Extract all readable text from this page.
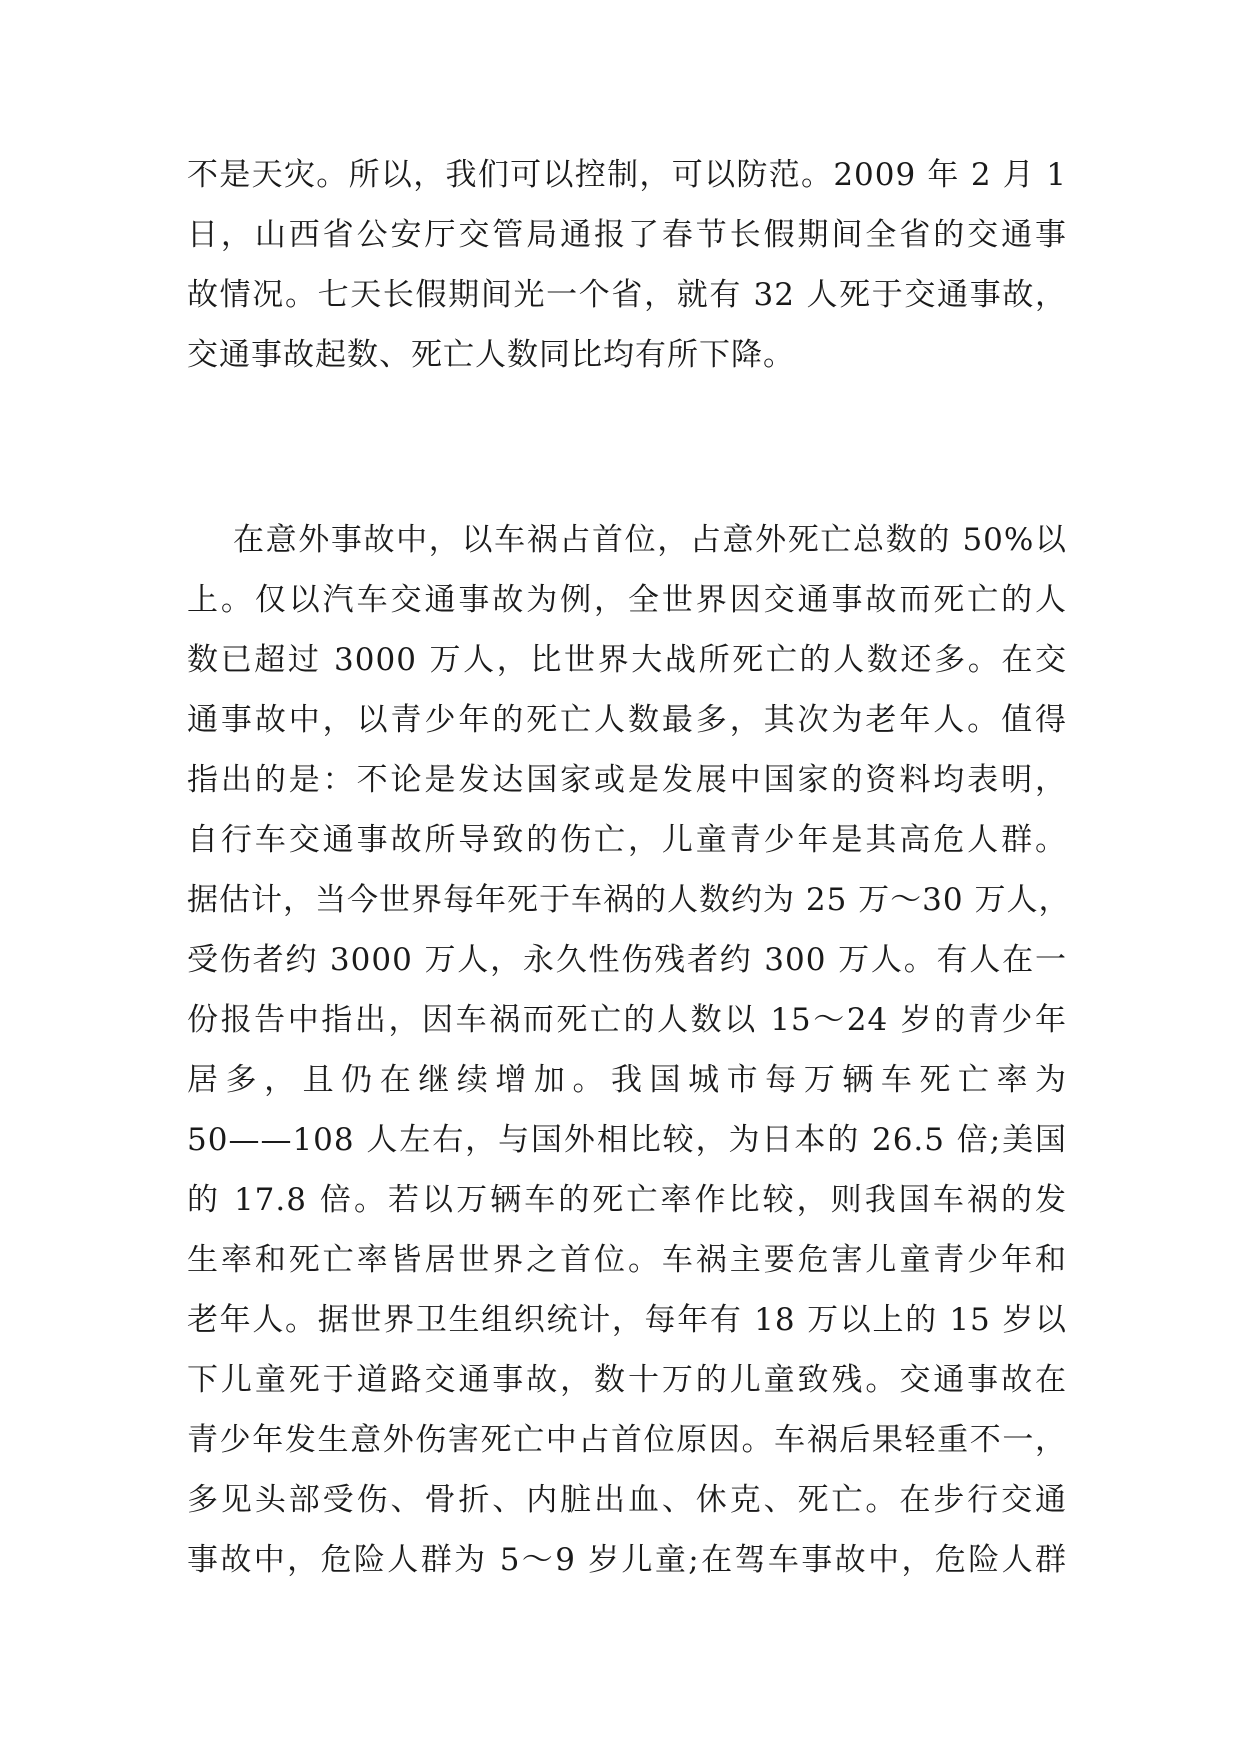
不是天灾。所以，我们可以控制，可以防范。2009 年 2 月 1
日，山西省公安厅交管局通报了春节长假期间全省的交通事
故情况。七天长假期间光一个省，就有 32 人死于交通事故，
交通事故起数、死亡人数同比均有所下降。
在意外事故中，以车祸占首位，占意外死亡总数的 50%以
上。仅以汽车交通事故为例，全世界因交通事故而死亡的人
数已超过 3000 万人，比世界大战所死亡的人数还多。在交
通事故中，以青少年的死亡人数最多，其次为老年人。值得
指出的是：不论是发达国家或是发展中国家的资料均表明，
自行车交通事故所导致的伤亡，儿童青少年是其高危人群。
据估计，当今世界每年死于车祸的人数约为 25 万～30 万人，
受伤者约 3000 万人，永久性伤残者约 300 万人。有人在一
份报告中指出，因车祸而死亡的人数以 15～24 岁的青少年
居多，且仍在继续增加。我国城市每万辆车死亡率为
50——108 人左右，与国外相比较，为日本的 26.5 倍;美国
的 17.8 倍。若以万辆车的死亡率作比较，则我国车祸的发
生率和死亡率皆居世界之首位。车祸主要危害儿童青少年和
老年人。据世界卫生组织统计，每年有 18 万以上的 15 岁以
下儿童死于道路交通事故，数十万的儿童致残。交通事故在
青少年发生意外伤害死亡中占首位原因。车祸后果轻重不一，
多见头部受伤、骨折、内脏出血、休克、死亡。在步行交通
事故中，危险人群为 5～9 岁儿童;在驾车事故中，危险人群
